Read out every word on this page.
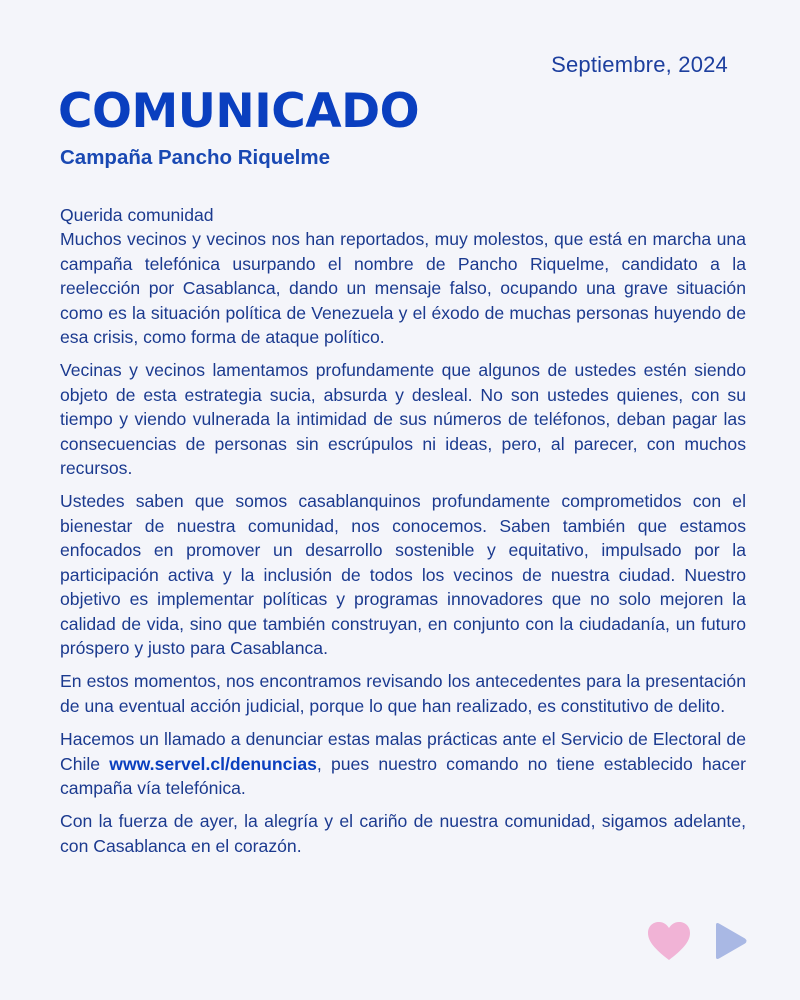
Septiembre, 2024
COMUNICADO
Campaña Pancho Riquelme

Querida comunidad
Muchos vecinos y vecinos nos han reportados, muy molestos, que está en marcha una campaña telefónica usurpando el nombre de Pancho Riquelme, candidato a la reelección por Casablanca, dando un mensaje falso, ocupando una grave situación como es la situación política de Venezuela y el éxodo de muchas personas huyendo de esa crisis, como forma de ataque político.

Vecinas y vecinos lamentamos profundamente que algunos de ustedes estén siendo objeto de esta estrategia sucia, absurda y desleal. No son ustedes quienes, con su tiempo y viendo vulnerada la intimidad de sus números de teléfonos, deban pagar las consecuencias de personas sin escrúpulos ni ideas, pero, al parecer, con muchos recursos.

Ustedes saben que somos casablanquinos profundamente comprometidos con el bienestar de nuestra comunidad, nos conocemos. Saben también que estamos enfocados en promover un desarrollo sostenible y equitativo, impulsado por la participación activa y la inclusión de todos los vecinos de nuestra ciudad. Nuestro objetivo es implementar políticas y programas innovadores que no solo mejoren la calidad de vida, sino que también construyan, en conjunto con la ciudadanía, un futuro próspero y justo para Casablanca.

En estos momentos, nos encontramos revisando los antecedentes para la presentación de una eventual acción judicial, porque lo que han realizado, es constitutivo de delito.

Hacemos un llamado a denunciar estas malas prácticas ante el Servicio de Electoral de Chile www.servel.cl/denuncias, pues nuestro comando no tiene establecido hacer campaña vía telefónica.

Con la fuerza de ayer, la alegría y el cariño de nuestra comunidad, sigamos adelante, con Casablanca en el corazón.
